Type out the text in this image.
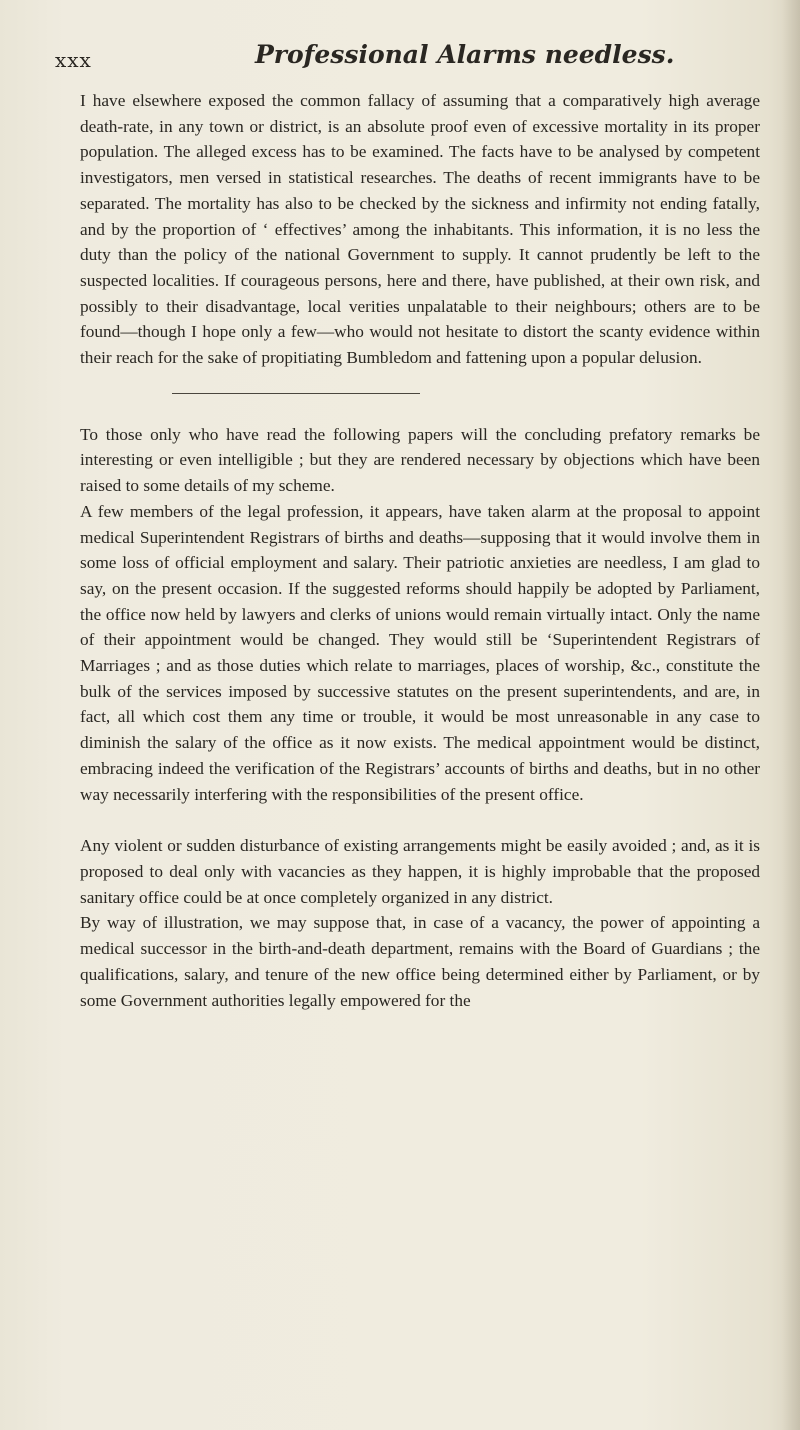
xxx	Professional Alarms needless.

I have elsewhere exposed the common fallacy of assuming that a comparatively high average death-rate, in any town or district, is an absolute proof even of excessive mortality in its proper population. The alleged excess has to be examined. The facts have to be analysed by competent investigators, men versed in statistical researches. The deaths of recent immigrants have to be separated. The mortality has also to be checked by the sickness and infirmity not ending fatally, and by the proportion of ‘ effectives’ among the inhabitants. This information, it is no less the duty than the policy of the national Government to supply. It cannot prudently be left to the suspected localities. If courageous persons, here and there, have published, at their own risk, and possibly to their disadvantage, local verities unpalatable to their neighbours; others are to be found—though I hope only a few—who would not hesitate to distort the scanty evidence within their reach for the sake of propitiating Bumbledom and fattening upon a popular delusion.

To those only who have read the following papers will the concluding prefatory remarks be interesting or even intelligible ; but they are rendered necessary by objections which have been raised to some details of my scheme.

A few members of the legal profession, it appears, have taken alarm at the proposal to appoint medical Superintendent Registrars of births and deaths—supposing that it would involve them in some loss of official employment and salary. Their patriotic anxieties are needless, I am glad to say, on the present occasion. If the suggested reforms should happily be adopted by Parliament, the office now held by lawyers and clerks of unions would remain virtually intact. Only the name of their appointment would be changed. They would still be ‘Superintendent Registrars of Marriages ; and as those duties which relate to marriages, places of worship, &c., constitute the bulk of the services imposed by successive statutes on the present superintendents, and are, in fact, all which cost them any time or trouble, it would be most unreasonable in any case to diminish the salary of the office as it now exists. The medical appointment would be distinct, embracing indeed the verification of the Registrars’ accounts of births and deaths, but in no other way necessarily interfering with the responsibilities of the present office.

Any violent or sudden disturbance of existing arrangements might be easily avoided ; and, as it is proposed to deal only with vacancies as they happen, it is highly improbable that the proposed sanitary office could be at once completely organized in any district.

By way of illustration, we may suppose that, in case of a vacancy, the power of appointing a medical successor in the birth-and-death department, remains with the Board of Guardians ; the qualifications, salary, and tenure of the new office being determined either by Parliament, or by some Government authorities legally empowered for the
